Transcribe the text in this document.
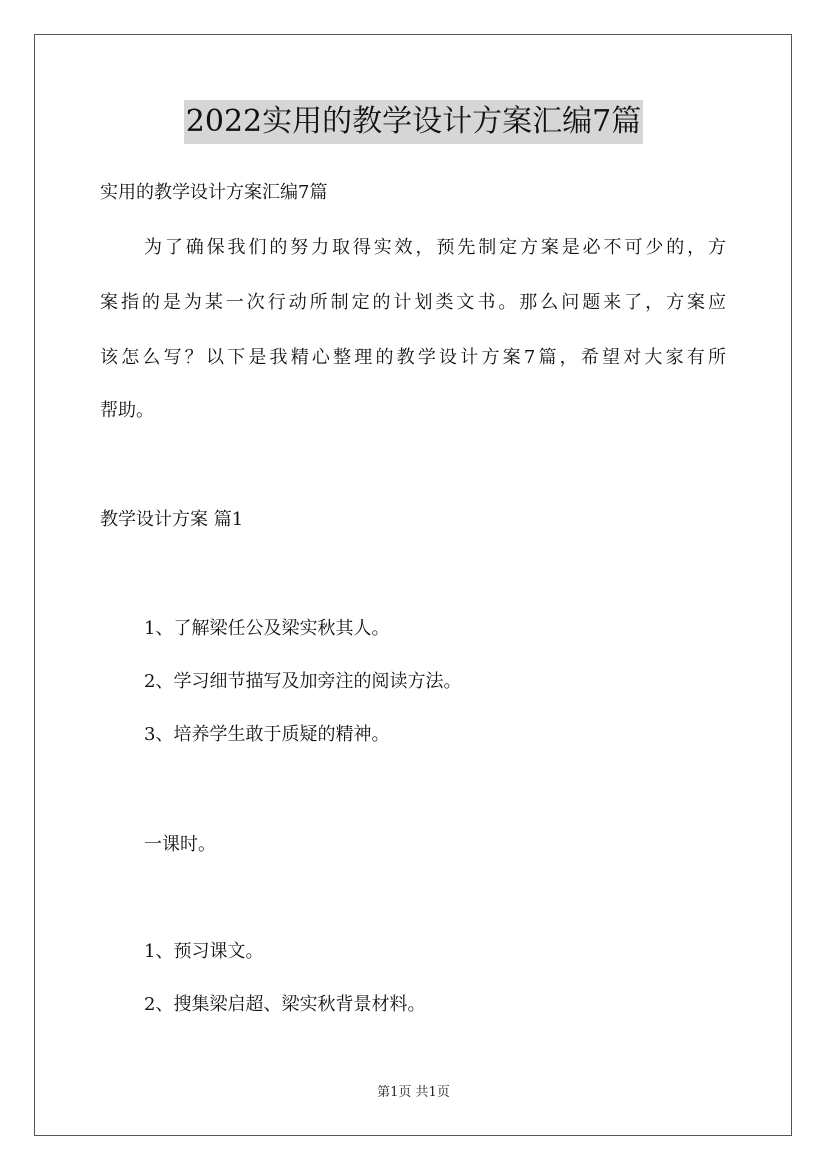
2022实用的教学设计方案汇编7篇
实用的教学设计方案汇编7篇
为了确保我们的努力取得实效，预先制定方案是必不可少的，方
案指的是为某一次行动所制定的计划类文书。那么问题来了，方案应
该怎么写？以下是我精心整理的教学设计方案7篇，希望对大家有所
帮助。
教学设计方案 篇1
1、了解梁任公及梁实秋其人。
2、学习细节描写及加旁注的阅读方法。
3、培养学生敢于质疑的精神。
一课时。
1、预习课文。
2、搜集梁启超、梁实秋背景材料。
第1页 共1页
